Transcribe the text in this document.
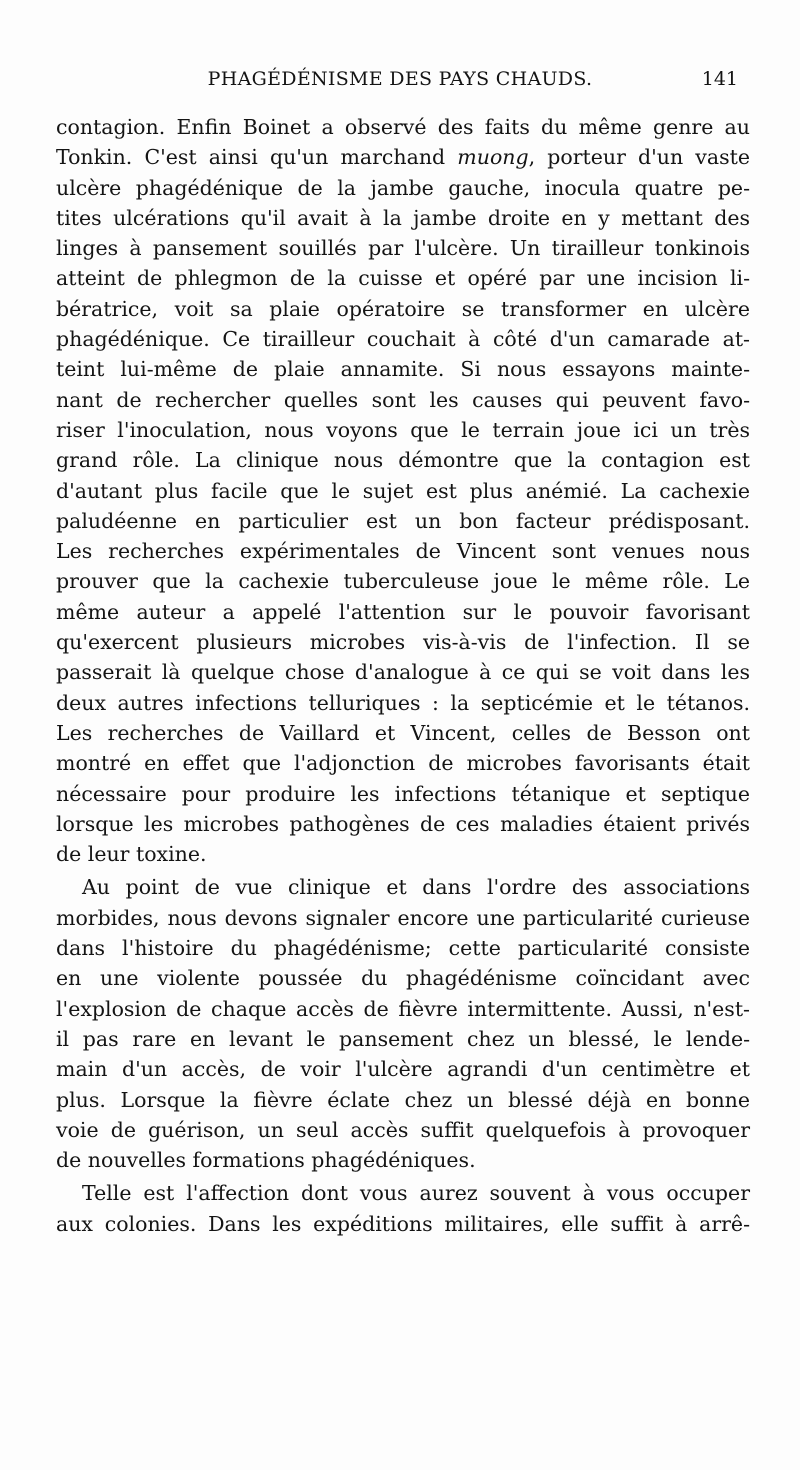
PHAGÉDÉNISME DES PAYS CHAUDS.	141
contagion. Enfin Boinet a observé des faits du même genre au
Tonkin. C'est ainsi qu'un marchand muong, porteur d'un vaste
ulcère phagédénique de la jambe gauche, inocula quatre pe-
tites ulcérations qu'il avait à la jambe droite en y mettant des
linges à pansement souillés par l'ulcère. Un tirailleur tonkinois
atteint de phlegmon de la cuisse et opéré par une incision li-
bératrice, voit sa plaie opératoire se transformer en ulcère
phagédénique. Ce tirailleur couchait à côté d'un camarade at-
teint lui-même de plaie annamite. Si nous essayons mainte-
nant de rechercher quelles sont les causes qui peuvent favo-
riser l'inoculation, nous voyons que le terrain joue ici un très
grand rôle. La clinique nous démontre que la contagion est
d'autant plus facile que le sujet est plus anémié. La cachexie
paludéenne en particulier est un bon facteur prédisposant.
Les recherches expérimentales de Vincent sont venues nous
prouver que la cachexie tuberculeuse joue le même rôle. Le
même auteur a appelé l'attention sur le pouvoir favorisant
qu'exercent plusieurs microbes vis-à-vis de l'infection. Il se
passerait là quelque chose d'analogue à ce qui se voit dans les
deux autres infections telluriques : la septicémie et le tétanos.
Les recherches de Vaillard et Vincent, celles de Besson ont
montré en effet que l'adjonction de microbes favorisants était
nécessaire pour produire les infections tétanique et septique
lorsque les microbes pathogènes de ces maladies étaient privés
de leur toxine.
Au point de vue clinique et dans l'ordre des associations
morbides, nous devons signaler encore une particularité curieuse
dans l'histoire du phagédénisme; cette particularité consiste
en une violente poussée du phagédénisme coïncidant avec
l'explosion de chaque accès de fièvre intermittente. Aussi, n'est-
il pas rare en levant le pansement chez un blessé, le lende-
main d'un accès, de voir l'ulcère agrandi d'un centimètre et
plus. Lorsque la fièvre éclate chez un blessé déjà en bonne
voie de guérison, un seul accès suffit quelquefois à provoquer
de nouvelles formations phagédéniques.
Telle est l'affection dont vous aurez souvent à vous occuper
aux colonies. Dans les expéditions militaires, elle suffit à arrê-
